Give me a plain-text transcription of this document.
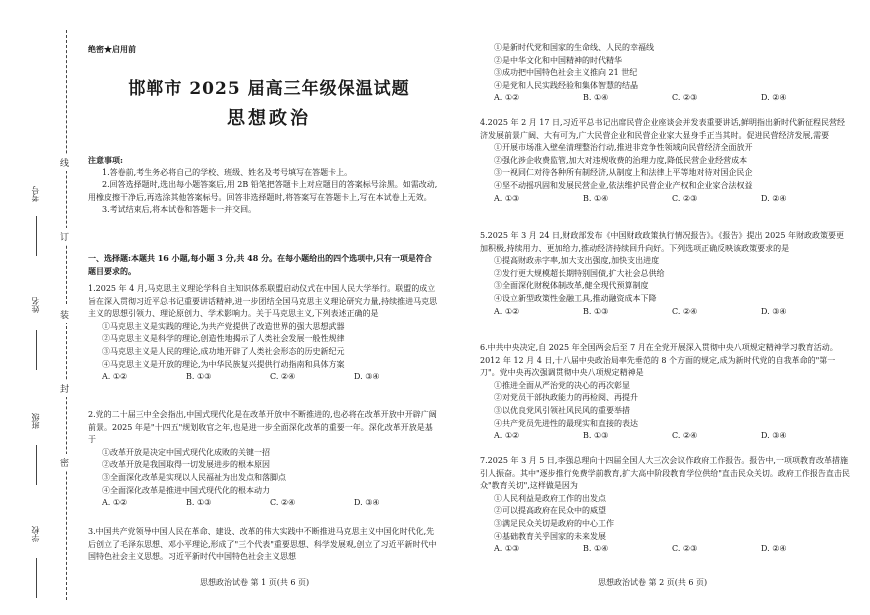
考号
姓名
班级
学校
线
订
装
封
密
绝密★启用前
邯郸市 2025 届高三年级保温试题
思想政治

注意事项:

1.答卷前,考生务必将自己的学校、班级、姓名及考号填写在答题卡上。

2.回答选择题时,选出每小题答案后,用 2B 铅笔把答题卡上对应题目的答案标号涂黑。如需改动,用橡皮擦干净后,再选涂其他答案标号。回答非选择题时,将答案写在答题卡上,写在本试卷上无效。

3.考试结束后,将本试卷和答题卡一并交回。

一、选择题:本题共 16 小题,每小题 3 分,共 48 分。在每小题给出的四个选项中,只有一项是符合题目要求的。

1.2025 年 4 月,马克思主义理论学科自主知识体系联盟启动仪式在中国人民大学举行。联盟的成立旨在深入贯彻习近平总书记重要讲话精神,进一步团结全国马克思主义理论研究力量,持续推进马克思主义的思想引领力、理论原创力、学术影响力。关于马克思主义,下列表述正确的是

①马克思主义是实践的理论,为共产党提供了改造世界的强大思想武器

②马克思主义是科学的理论,创造性地揭示了人类社会发展一般性规律

③马克思主义是人民的理论,成功地开辟了人类社会形态的历史新纪元

④马克思主义是开放的理论,为中华民族复兴提供行动指南和具体方案

A. ①②	B. ①③	C. ②④	D. ③④

2.党的二十届三中全会指出,中国式现代化是在改革开放中不断推进的,也必将在改革开放中开辟广阔前景。2025 年是"十四五"规划收官之年,也是进一步全面深化改革的重要一年。深化改革开放是基于

①改革开放是决定中国式现代化成败的关键一招

②改革开放是我国取得一切发展进步的根本原因

③全面深化改革是实现以人民福祉为出发点和落脚点

④全面深化改革是推进中国式现代化的根本动力

A. ①②	B. ①③	C. ②④	D. ③④

3.中国共产党领导中国人民在革命、建设、改革的伟大实践中不断推进马克思主义中国化时代化,先后创立了毛泽东思想、邓小平理论,形成了"三个代表"重要思想、科学发展观,创立了习近平新时代中国特色社会主义思想。习近平新时代中国特色社会主义思想

思想政治试卷 第 1 页(共 6 页)

①是新时代党和国家的生命线、人民的幸福线

②是中华文化和中国精神的时代精华

③成功把中国特色社会主义推向 21 世纪

④是党和人民实践经验和集体智慧的结晶

A. ①②	B. ①④	C. ②③	D. ②④

4.2025 年 2 月 17 日,习近平总书记出席民营企业座谈会并发表重要讲话,鲜明指出新时代新征程民营经济发展前景广阔、大有可为,广大民营企业和民营企业家大显身手正当其时。促进民营经济发展,需要

①开展市场准入壁垒清理整治行动,推进非竞争性领域向民营经济全面放开

②强化涉企收费监管,加大对违规收费的治理力度,降低民营企业经营成本

③一视同仁对待各种所有制经济,从制度上和法律上平等地对待对国企民企

④坚不动摇巩固和发展民营企业,依法维护民营企业产权和企业家合法权益

A. ①③	B. ①④	C. ②③	D. ②④

5.2025 年 3 月 24 日,财政部发布《中国财政政策执行情况报告》。《报告》提出 2025 年财政政策要更加积极,持续用力、更加给力,推动经济持续回升向好。下列选项正确反映该政策要求的是

①提高财政赤字率,加大支出强度,加快支出进度

②发行更大规模超长期特别国债,扩大社会总供给

③全面深化财税体制改革,健全现代预算制度

④设立新型政策性金融工具,推动融资成本下降

A. ①②	B. ①③	C. ②④	D. ③④

6.中共中央决定,自 2025 年全国两会后至 7 月在全党开展深入贯彻中央八项规定精神学习教育活动。2012 年 12 月 4 日,十八届中央政治局率先垂范的 8 个方面的规定,成为新时代党的自我革命的"第一刀"。党中央再次强调贯彻中央八项规定精神是

①推进全面从严治党的决心的再次彰显

②对党员干部执政能力的再检阅、再提升

③以优良党风引领社风民风的重要举措

④共产党员先进性的最现实和直接的表达

A. ①②	B. ①③	C. ②④	D. ③④

7.2025 年 3 月 5 日,李强总理向十四届全国人大三次会议作政府工作报告。报告中,一项项教育改革措施引人振奋。其中"逐步推行免费学前教育,扩大高中阶段教育学位供给"直击民众关切。政府工作报告直击民众"教育关切",这样做是因为

①人民利益是政府工作的出发点

②可以提高政府在民众中的威望

③满足民众关切是政府的中心工作

④基础教育关乎国家的未来发展

A. ①③	B. ①④	C. ②③	D. ②④
思想政治试卷 第 2 页(共 6 页)
